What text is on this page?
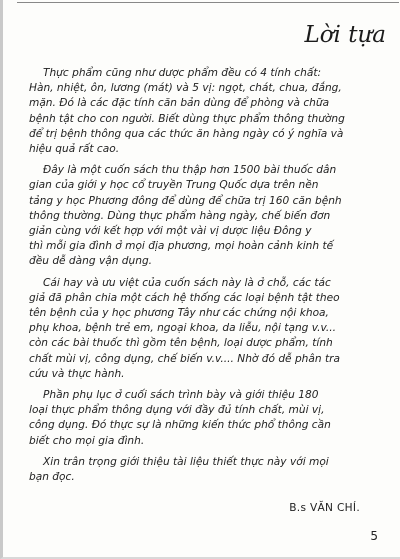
Lời tựa

Thực phẩm cũng như dược phẩm đều có 4 tính chất:
Hàn, nhiệt, ôn, lương (mát) và 5 vị: ngọt, chát, chua, đắng,
mặn. Đó là các đặc tính căn bản dùng để phòng và chữa
bệnh tật cho con người. Biết dùng thực phẩm thông thường
để trị bệnh thông qua các thức ăn hàng ngày có ý nghĩa và
hiệu quả rất cao.

Đây là một cuốn sách thu thập hơn 1500 bài thuốc dân
gian của giới y học cổ truyền Trung Quốc dựa trên nền
tảng y học Phương đông để dùng để chữa trị 160 căn bệnh
thông thường. Dùng thực phẩm hàng ngày, chế biến đơn
giản cùng với kết hợp với một vài vị dược liệu Đông y
thì mỗi gia đình ở mọi địa phương, mọi hoàn cảnh kinh tế
đều dễ dàng vận dụng.

Cái hay và ưu việt của cuốn sách này là ở chỗ, các tác
giả đã phân chia một cách hệ thống các loại bệnh tật theo
tên bệnh của y học phương Tây như các chứng nội khoa,
phụ khoa, bệnh trẻ em, ngoại khoa, da liễu, nội tạng v.v...
còn các bài thuốc thì gồm tên bệnh, loại dược phẩm, tính
chất mùi vị, công dụng, chế biến v.v.... Nhờ đó dễ phân tra
cứu và thực hành.

Phần phụ lục ở cuối sách trình bày và giới thiệu 180
loại thực phẩm thông dụng với đầy đủ tính chất, mùi vị,
công dụng. Đó thực sự là những kiến thức phổ thông cần
biết cho mọi gia đình.

Xin trân trọng giới thiệu tài liệu thiết thực này với mọi
bạn đọc.

B.s VĂN CHÍ.
5
